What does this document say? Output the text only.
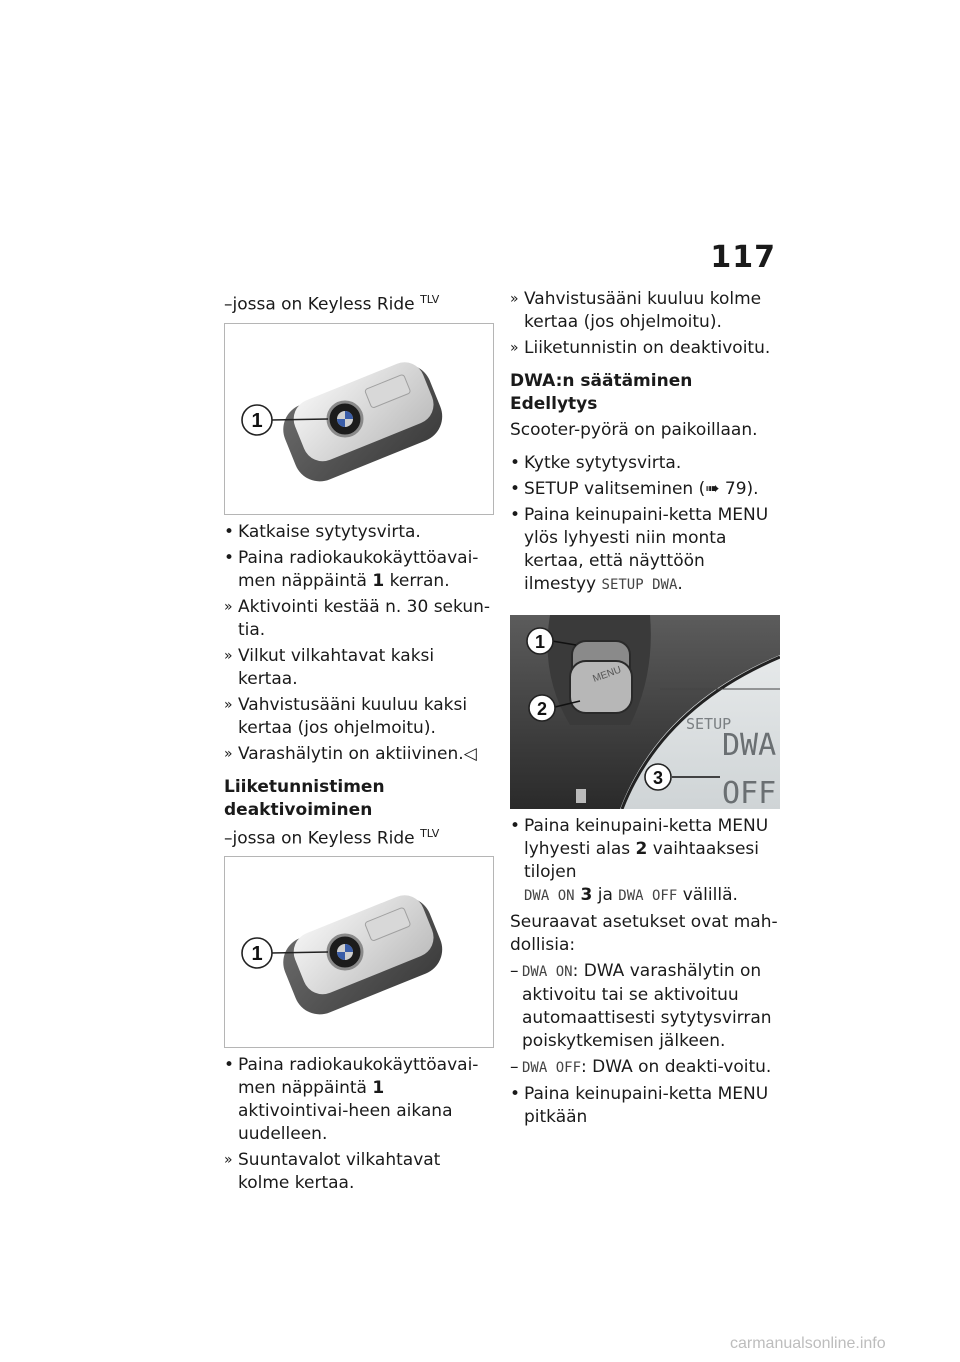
117

–jossa on Keyless Ride $^{TLV}$

1

• Katkaise sytytysvirta.

• Paina radiokaukokäyttöavai-
men näppäintä 1 kerran.

» Aktivointi kestää n. 30 sekun-tia.

» Vilkut vilkahtavat kaksi kertaa.

» Vahvistusääni kuuluu kaksi kertaa (jos ohjelmoitu).

» Varashälytin on aktiivinen.◁

Liiketunnistimen
deaktivoiminen

–jossa on Keyless Ride $^{TLV}$

1

• Paina radiokaukokäyttöavai-
men näppäintä 1 aktivointivai-heen aikana uudelleen.

» Suuntavalot vilkahtavat kolme kertaa.

» Vahvistusääni kuuluu kolme kertaa (jos ohjelmoitu).

» Liiketunnistin on deaktivoitu.

DWA:n säätäminen

Edellytys

Scooter-pyörä on paikoillaan.

• Kytke sytytysvirta.

• SETUP valitseminen (➠ 79).

• Paina keinupaini-ketta MENU ylös lyhyesti niin monta kertaa, että näyttöön ilmestyy SETUP DWA.

MENU
SETUP
DWA
OFF
1
2
3

• Paina keinupaini-ketta MENU lyhyesti alas 2 vaihtaaksesi tilojen
DWA ON 3 ja DWA OFF välillä.

Seuraavat asetukset ovat mah-dollisia:

– DWA ON: DWA varashälytin on aktivoitu tai se aktivoituu automaattisesti sytytysvirran poiskytkemisen jälkeen.

– DWA OFF: DWA on deakti-voitu.

• Paina keinupaini-ketta MENU pitkään

carmanualsonline.info
